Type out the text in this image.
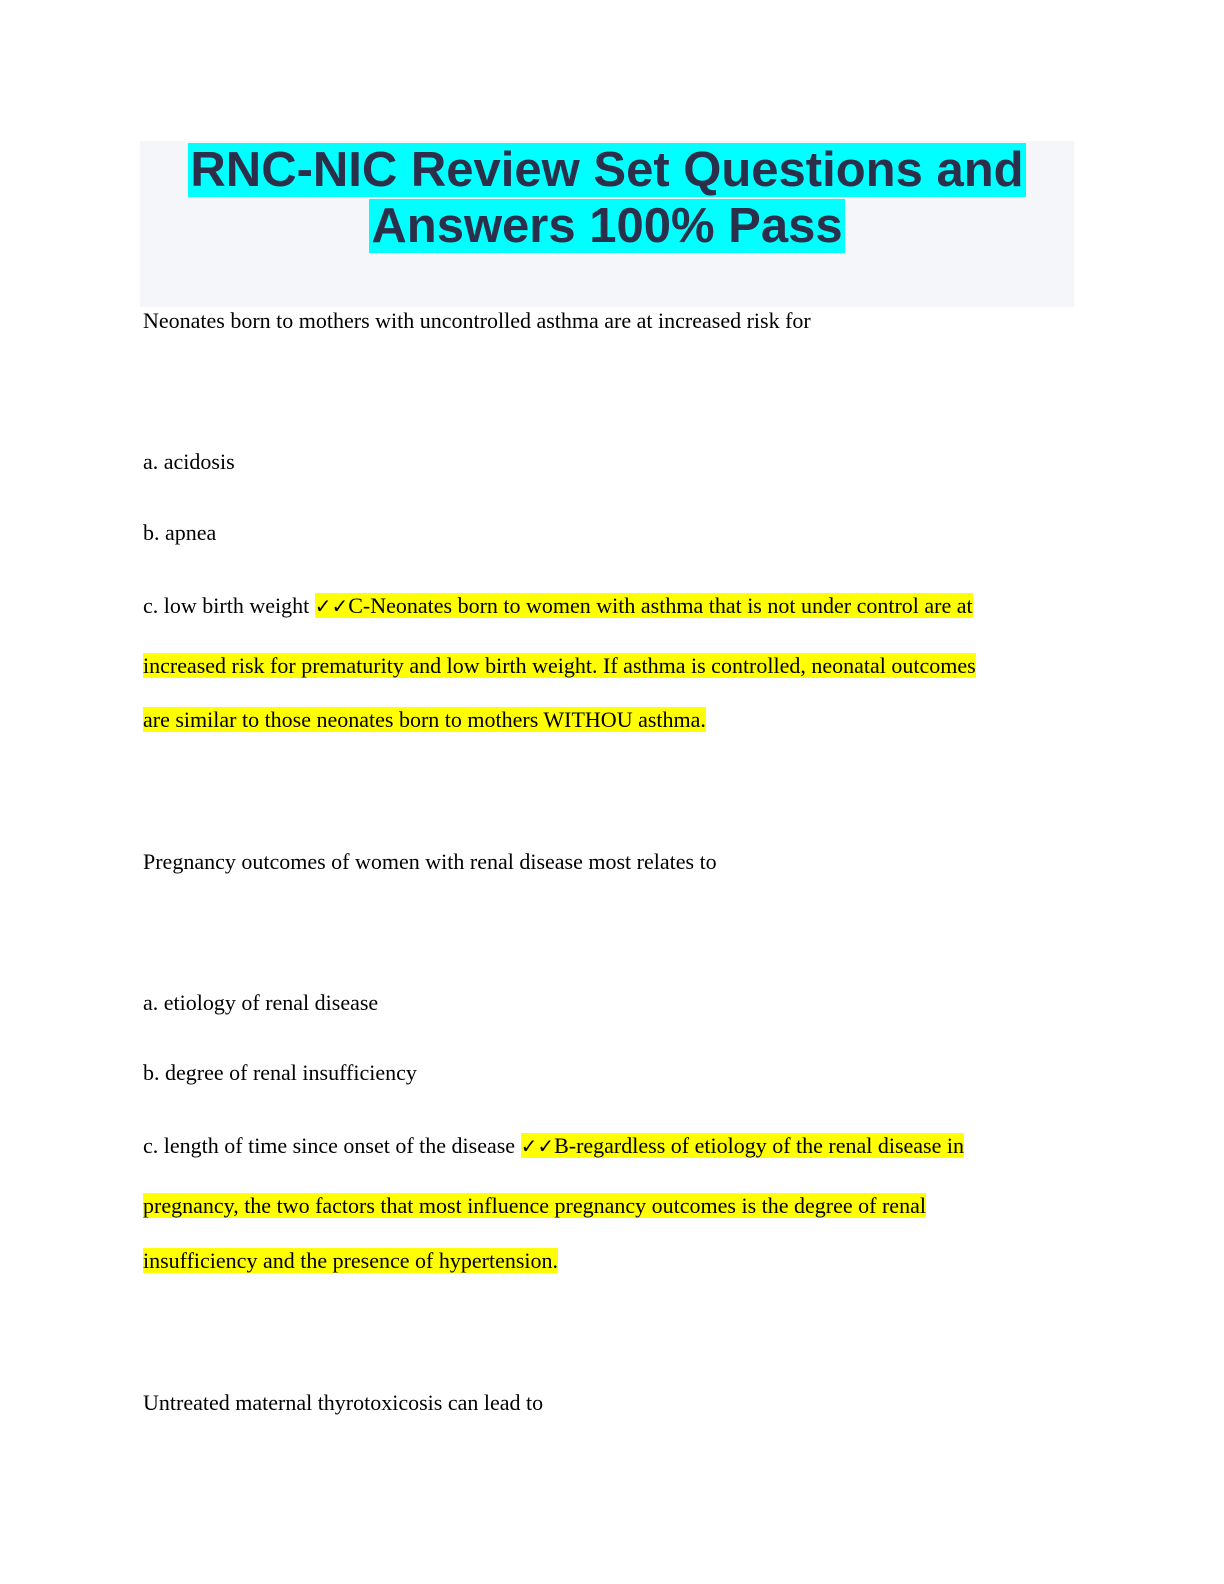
RNC-NIC Review Set Questions and
Answers 100% Pass
Neonates born to mothers with uncontrolled asthma are at increased risk for
a. acidosis
b. apnea
c. low birth weight ✓✓C-Neonates born to women with asthma that is not under control are at
increased risk for prematurity and low birth weight. If asthma is controlled, neonatal outcomes
are similar to those neonates born to mothers WITHOU asthma.
Pregnancy outcomes of women with renal disease most relates to
a. etiology of renal disease
b. degree of renal insufficiency
c. length of time since onset of the disease ✓✓B-regardless of etiology of the renal disease in
pregnancy, the two factors that most influence pregnancy outcomes is the degree of renal
insufficiency and the presence of hypertension.
Untreated maternal thyrotoxicosis can lead to
